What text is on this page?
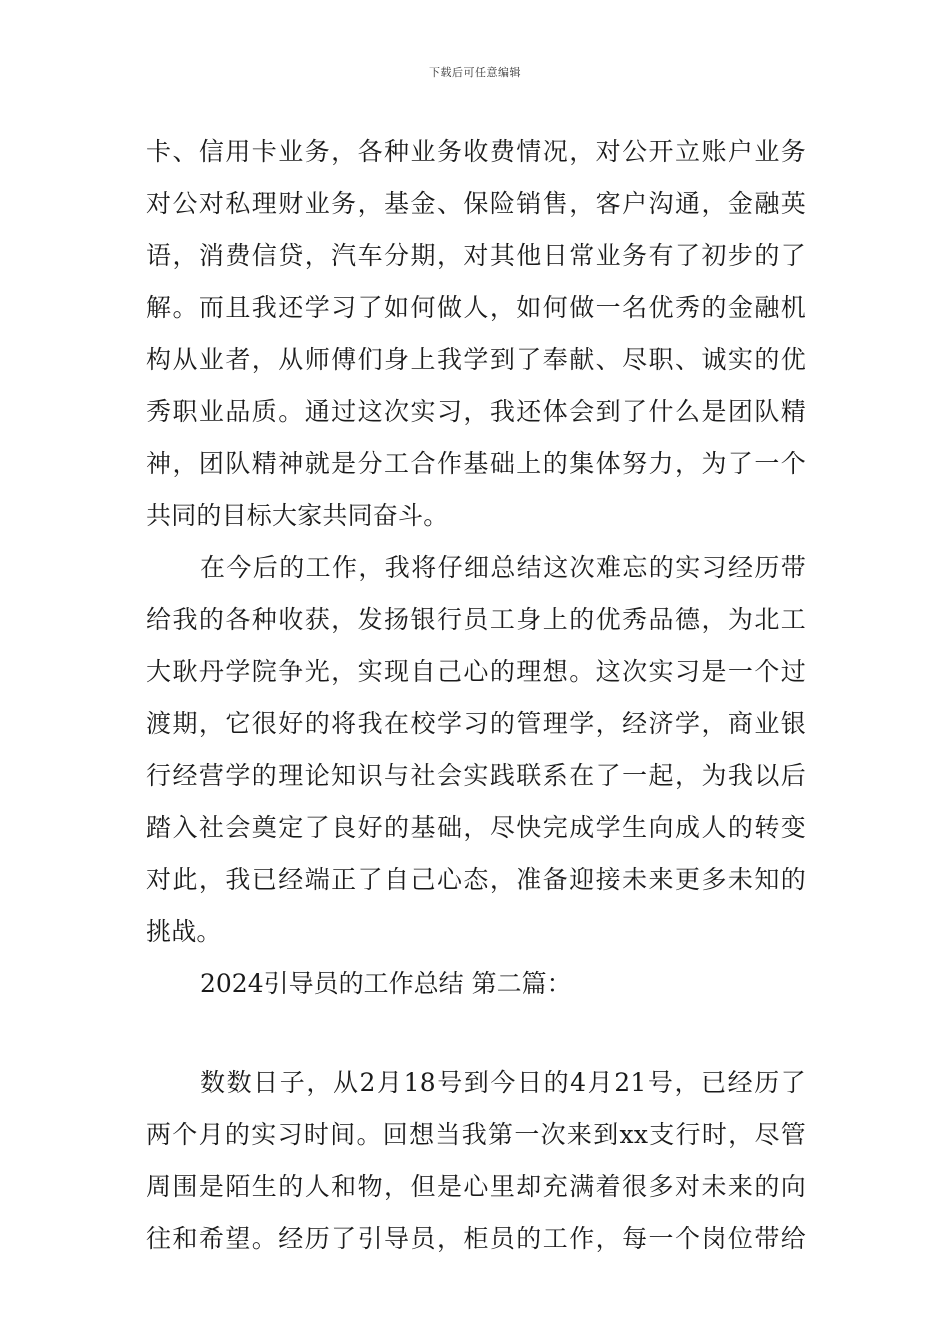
下载后可任意编辑
卡、信用卡业务，各种业务收费情况，对公开立账户业务
对公对私理财业务，基金、保险销售，客户沟通，金融英
语，消费信贷，汽车分期，对其他日常业务有了初步的了
解。而且我还学习了如何做人，如何做一名优秀的金融机
构从业者，从师傅们身上我学到了奉献、尽职、诚实的优
秀职业品质。通过这次实习，我还体会到了什么是团队精
神，团队精神就是分工合作基础上的集体努力，为了一个
共同的目标大家共同奋斗。
在今后的工作，我将仔细总结这次难忘的实习经历带
给我的各种收获，发扬银行员工身上的优秀品德，为北工
大耿丹学院争光，实现自己心的理想。这次实习是一个过
渡期，它很好的将我在校学习的管理学，经济学，商业银
行经营学的理论知识与社会实践联系在了一起，为我以后
踏入社会奠定了良好的基础，尽快完成学生向成人的转变
对此，我已经端正了自己心态，准备迎接未来更多未知的
挑战。
2024引导员的工作总结 第二篇：
数数日子，从2月18号到今日的4月21号，已经历了
两个月的实习时间。回想当我第一次来到xx支行时，尽管
周围是陌生的人和物，但是心里却充满着很多对未来的向
往和希望。经历了引导员，柜员的工作，每一个岗位带给
